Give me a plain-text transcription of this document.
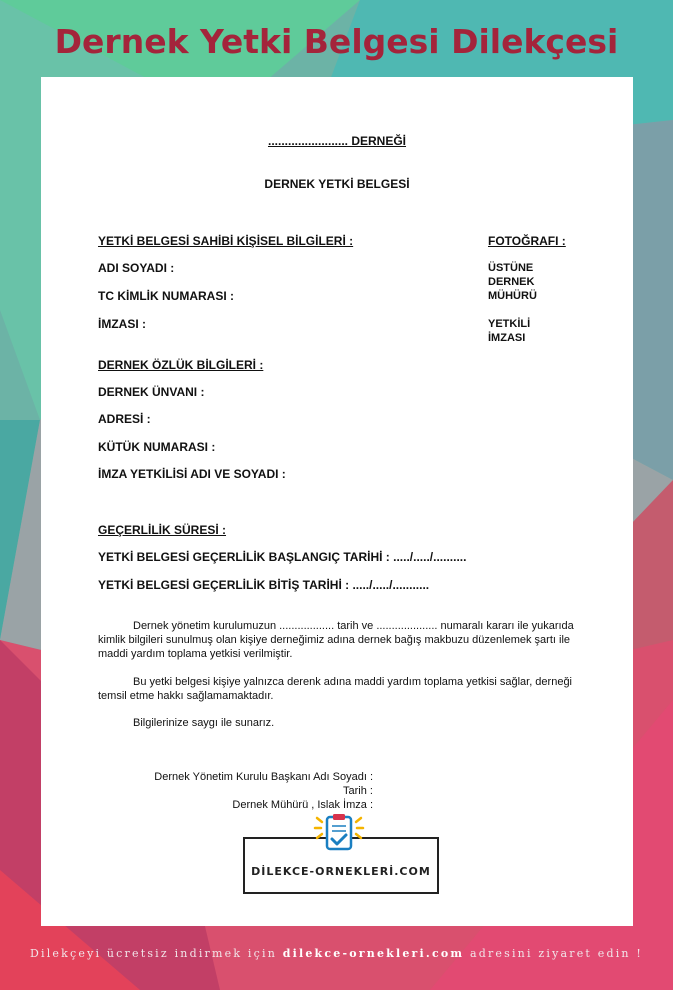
Dernek Yetki Belgesi Dilekçesi
........................ DERNEĞİ
DERNEK YETKİ BELGESİ
YETKİ BELGESİ SAHİBİ KİŞİSEL BİLGİLERİ :	FOTOĞRAFI :
ADI SOYADI :
TC KİMLİK NUMARASI :
İMZASI :
ÜSTÜNE
DERNEK
MÜHÜRÜ
YETKİLİ
İMZASI
DERNEK ÖZLÜK BİLGİLERİ :
DERNEK ÜNVANI :
ADRESİ :
KÜTÜK NUMARASI :
İMZA YETKİLİSİ ADI VE SOYADI :
GEÇERLİLİK SÜRESİ :
YETKİ BELGESİ GEÇERLİLİK BAŞLANGIÇ TARİHİ : ...../...../..........
YETKİ BELGESİ GEÇERLİLİK BİTİŞ TARİHİ : ...../...../...........
Dernek yönetim kurulumuzun .................. tarih ve .................... numaralı kararı ile yukarıda kimlik bilgileri sunulmuş olan kişiye derneğimiz adına dernek bağış makbuzu düzenlemek şartı ile maddi yardım toplama yetkisi verilmiştir.
Bu yetki belgesi kişiye yalnızca derenk adına maddi yardım toplama yetkisi sağlar, derneği temsil etme hakkı sağlamamaktadır.
Bilgilerinize saygı ile sunarız.
Dernek Yönetim Kurulu Başkanı Adı Soyadı :
Tarih :
Dernek Mühürü , Islak İmza :
DİLEKCE-ORNEKLERİ.COM
Dilekçeyi ücretsiz indirmek için dilekce-ornekleri.com adresini ziyaret edin !
